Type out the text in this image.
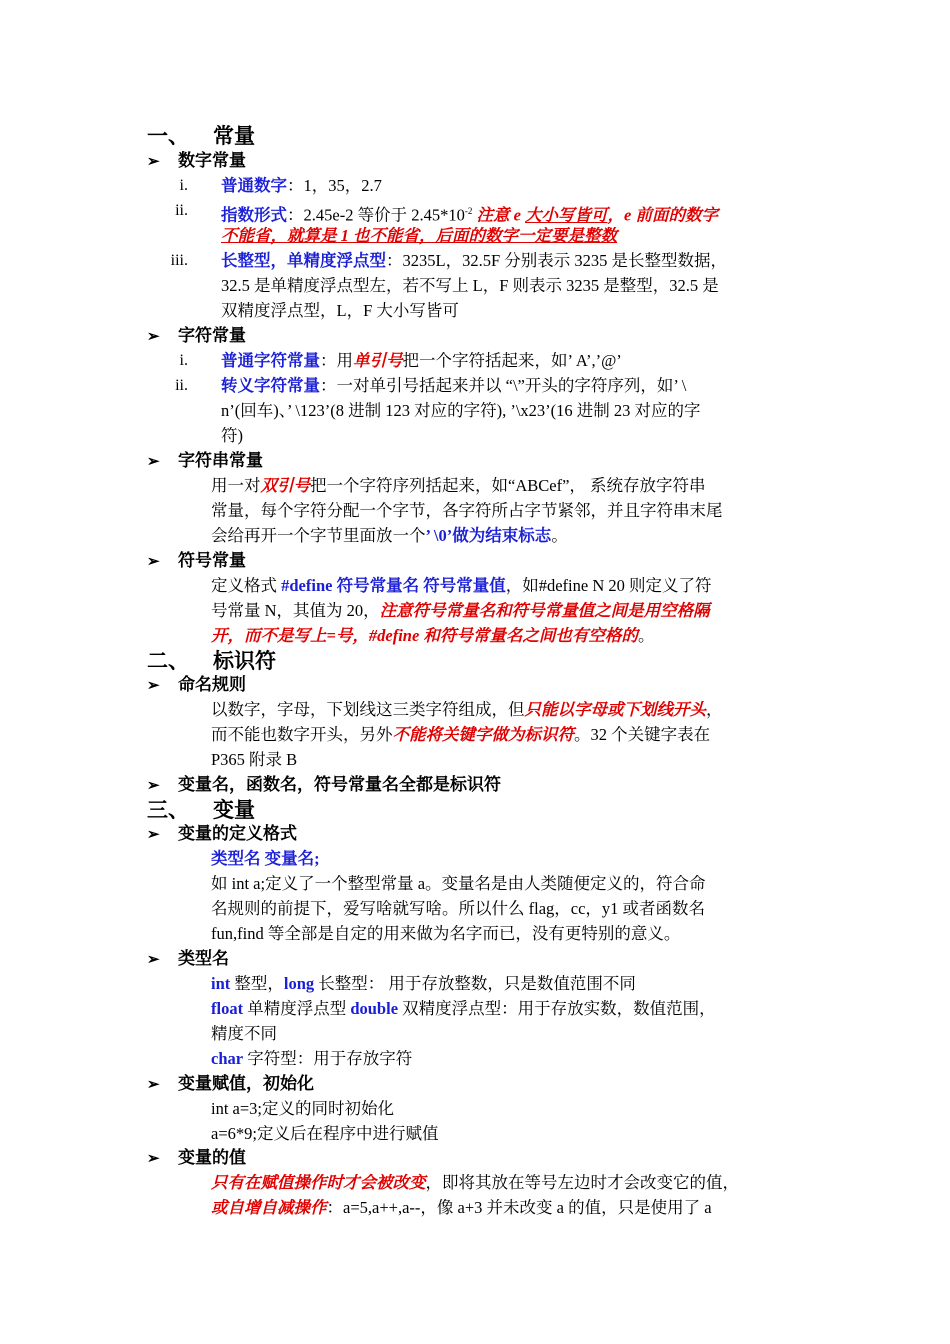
一、 常量
➢ 数字常量
i. 普通数字：1，35，2.7
ii. 指数形式：2.45e-2 等价于 $2.45*10^{-2}$ 注意 e 大小写皆可，e 前面的数字
不能省，就算是 1 也不能省，后面的数字一定要是整数
iii. 长整型，单精度浮点型：3235L，32.5F 分别表示 3235 是长整型数据，
32.5 是单精度浮点型左，若不写上 L，F 则表示 3235 是整型，32.5 是
双精度浮点型，L，F 大小写皆可
➢ 字符常量
i. 普通字符常量：用单引号把一个字符括起来，如’ A’,’@’
ii. 转义字符常量：一对单引号括起来并以 “\”开头的字符序列，如’ \
n’(回车)、’ \123’(8 进制 123 对应的字符), ’\x23’(16 进制 23 对应的字
符)
➢ 字符串常量
用一对双引号把一个字符序列括起来，如“ABCef”， 系统存放字符串
常量，每个字符分配一个字节，各字符所占字节紧邻，并且字符串末尾
会给再开一个字节里面放一个’ \0’做为结束标志。
➢ 符号常量
定义格式 #define 符号常量名 符号常量值，如#define N 20 则定义了符
号常量 N，其值为 20，注意符号常量名和符号常量值之间是用空格隔
开，而不是写上=号，#define 和符号常量名之间也有空格的。
二、 标识符
➢ 命名规则
以数字，字母，下划线这三类字符组成，但只能以字母或下划线开头，
而不能也数字开头，另外不能将关键字做为标识符。32 个关键字表在
P365 附录 B
➢ 变量名，函数名，符号常量名全都是标识符
三、 变量
➢ 变量的定义格式
类型名 变量名;
如 int a;定义了一个整型常量 a。变量名是由人类随便定义的，符合命
名规则的前提下，爱写啥就写啥。所以什么 flag，cc，y1 或者函数名
fun,find 等全部是自定的用来做为名字而已，没有更特别的意义。
➢ 类型名
int 整型，long 长整型： 用于存放整数，只是数值范围不同
float 单精度浮点型 double 双精度浮点型：用于存放实数，数值范围，
精度不同
char 字符型：用于存放字符
➢ 变量赋值，初始化
int a=3;定义的同时初始化
a=6*9;定义后在程序中进行赋值
➢ 变量的值
只有在赋值操作时才会被改变，即将其放在等号左边时才会改变它的值，
或自增自减操作：a=5,a++,a--，像 a+3 并未改变 a 的值，只是使用了 a
